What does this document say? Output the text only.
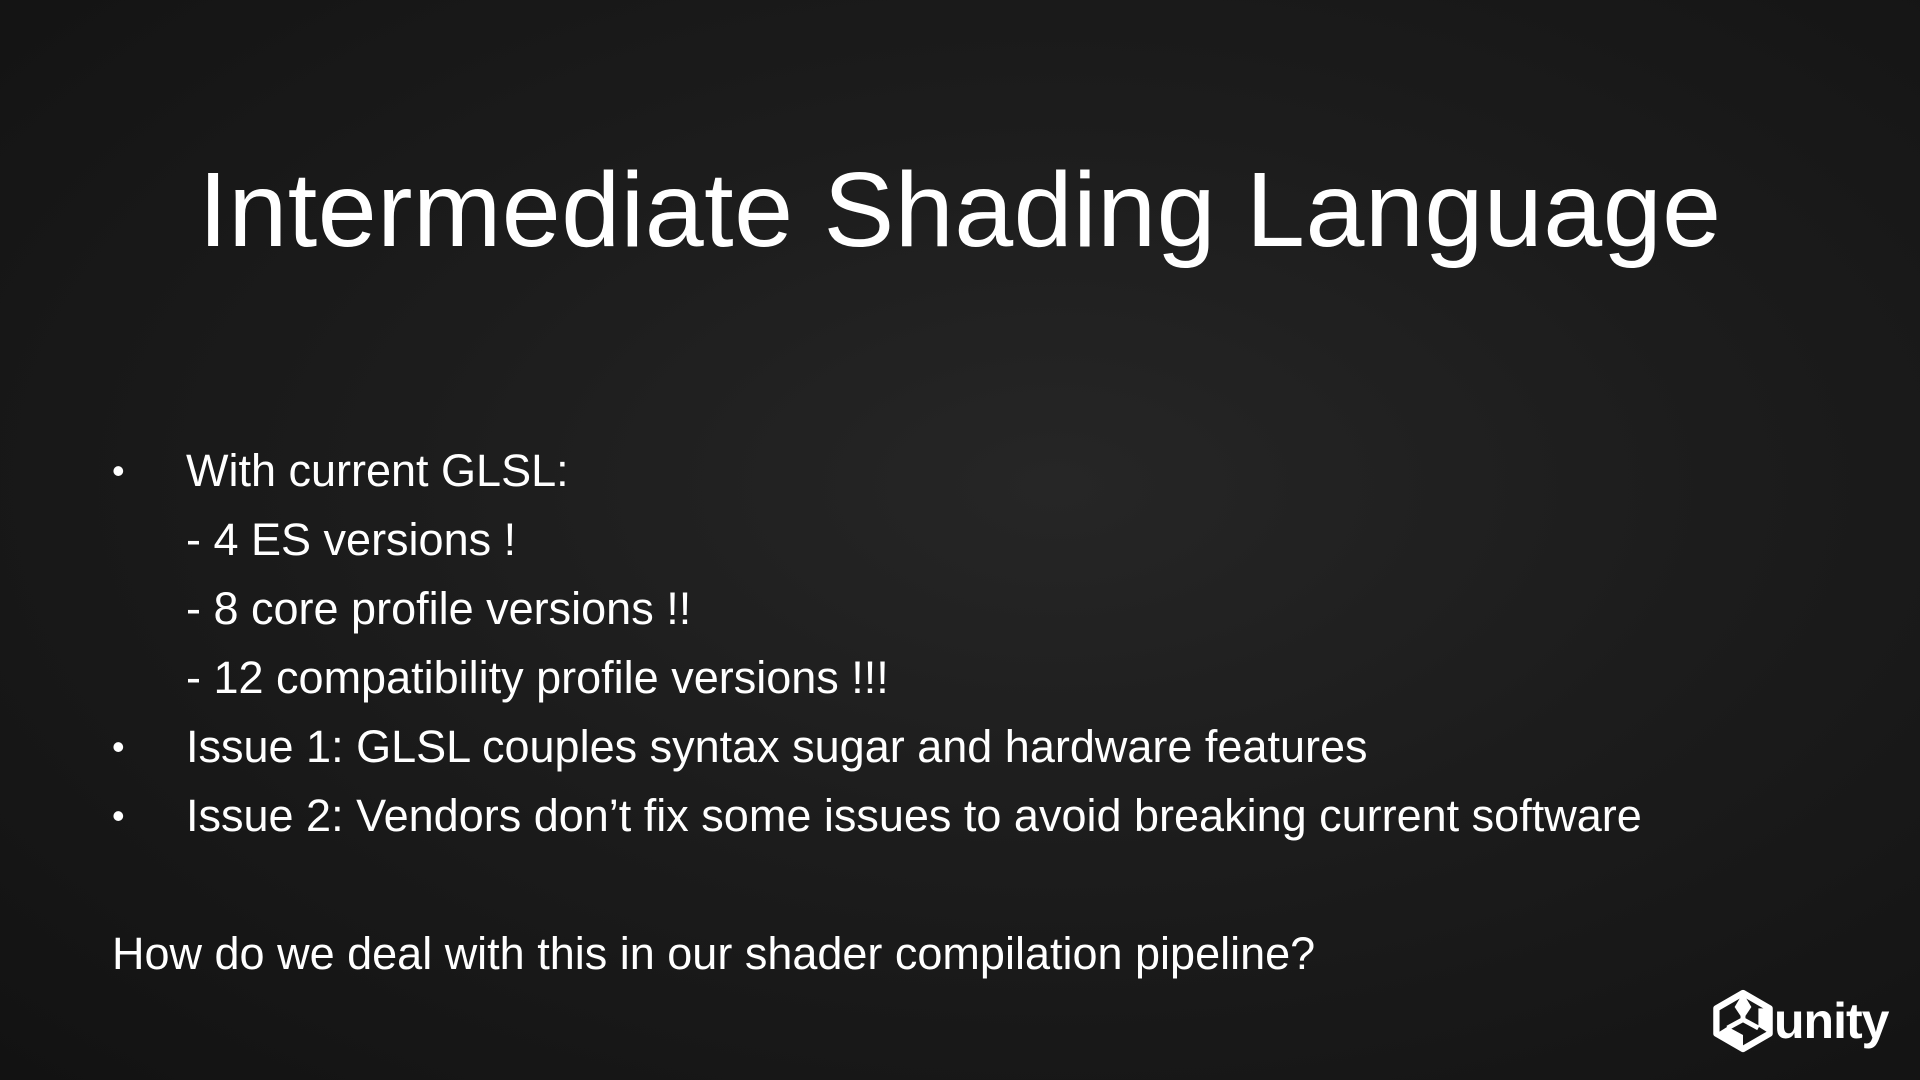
Intermediate Shading Language
•	With current GLSL:
- 4 ES versions !
- 8 core profile versions !!
- 12 compatibility profile versions !!!
•	Issue 1: GLSL couples syntax sugar and hardware features
•	Issue 2: Vendors don’t fix some issues to avoid breaking current software

How do we deal with this in our shader compilation pipeline?

unity
